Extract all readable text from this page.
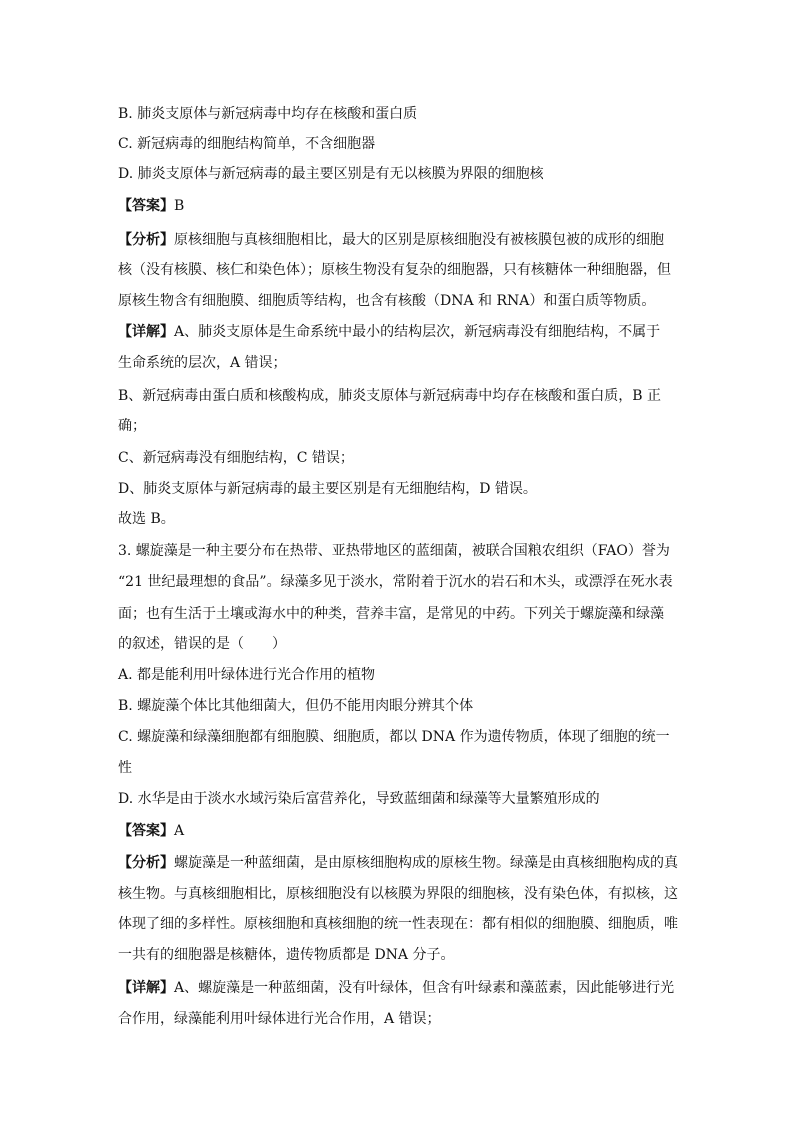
B. 肺炎支原体与新冠病毒中均存在核酸和蛋白质
C. 新冠病毒的细胞结构简单，不含细胞器
D. 肺炎支原体与新冠病毒的最主要区别是有无以核膜为界限的细胞核
【答案】B
【分析】原核细胞与真核细胞相比，最大的区别是原核细胞没有被核膜包被的成形的细胞
核（没有核膜、核仁和染色体）；原核生物没有复杂的细胞器，只有核糖体一种细胞器，但
原核生物含有细胞膜、细胞质等结构，也含有核酸（DNA 和 RNA）和蛋白质等物质。
【详解】A、肺炎支原体是生命系统中最小的结构层次，新冠病毒没有细胞结构，不属于
生命系统的层次，A 错误；
B、新冠病毒由蛋白质和核酸构成，肺炎支原体与新冠病毒中均存在核酸和蛋白质，B 正
确；
C、新冠病毒没有细胞结构，C 错误；
D、肺炎支原体与新冠病毒的最主要区别是有无细胞结构，D 错误。
故选 B。
3. 螺旋藻是一种主要分布在热带、亚热带地区的蓝细菌，被联合国粮农组织（FAO）誉为
“21 世纪最理想的食品”。绿藻多见于淡水，常附着于沉水的岩石和木头，或漂浮在死水表
面；也有生活于土壤或海水中的种类，营养丰富，是常见的中药。下列关于螺旋藻和绿藻
的叙述，错误的是（　　）
A. 都是能利用叶绿体进行光合作用的植物
B. 螺旋藻个体比其他细菌大，但仍不能用肉眼分辨其个体
C. 螺旋藻和绿藻细胞都有细胞膜、细胞质，都以 DNA 作为遗传物质，体现了细胞的统一
性
D. 水华是由于淡水水域污染后富营养化，导致蓝细菌和绿藻等大量繁殖形成的
【答案】A
【分析】螺旋藻是一种蓝细菌，是由原核细胞构成的原核生物。绿藻是由真核细胞构成的真
核生物。与真核细胞相比，原核细胞没有以核膜为界限的细胞核，没有染色体，有拟核，这
体现了细的多样性。原核细胞和真核细胞的统一性表现在：都有相似的细胞膜、细胞质，唯
一共有的细胞器是核糖体，遗传物质都是 DNA 分子。
【详解】A、螺旋藻是一种蓝细菌，没有叶绿体，但含有叶绿素和藻蓝素，因此能够进行光
合作用，绿藻能利用叶绿体进行光合作用，A 错误；
